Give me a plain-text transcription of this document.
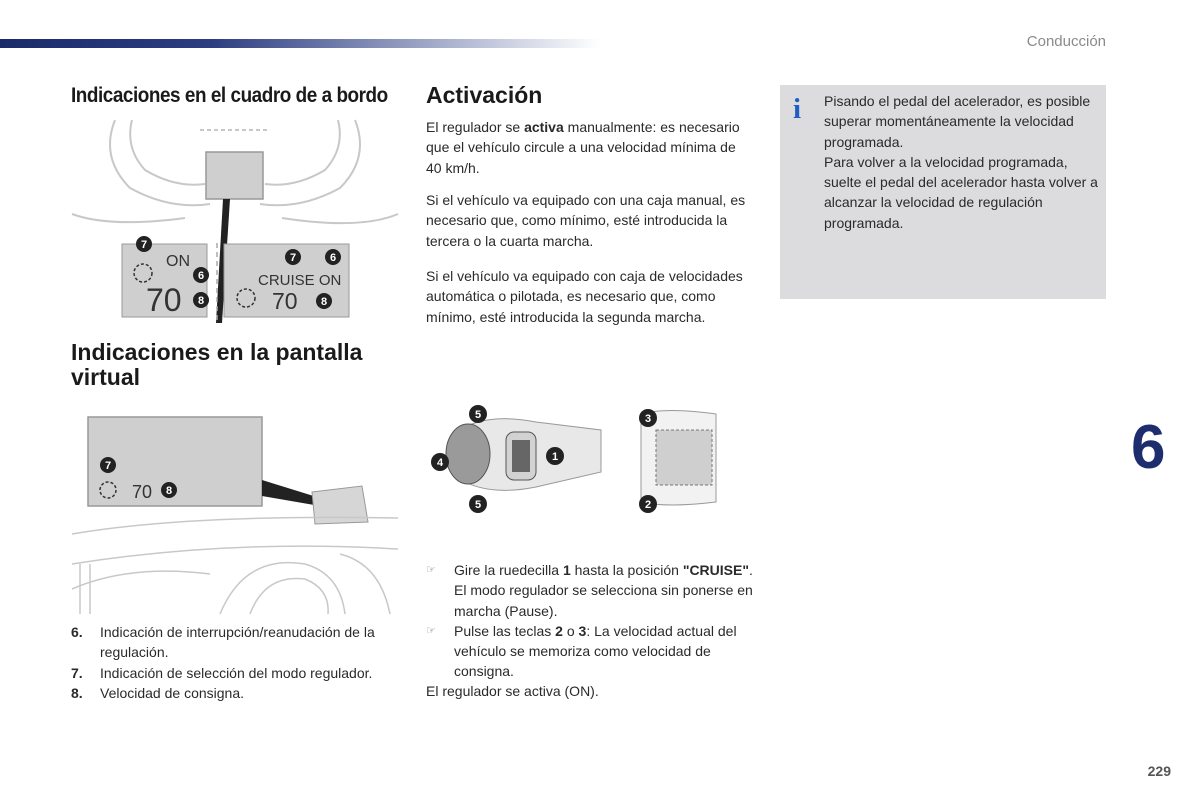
Conducción
6
229
Indicaciones en el cuadro de a bordo
7
ON
6
70 8
7	6
CRUISE ON
70 8
Indicaciones en la pantalla virtual
7
70 8
6. Indicación de interrupción/reanudación de la regulación.
7. Indicación de selección del modo regulador.
8. Velocidad de consigna.
Activación

El regulador se activa manualmente: es necesario que el vehículo circule a una velocidad mínima de 40 km/h.

Si el vehículo va equipado con una caja manual, es necesario que, como mínimo, esté introducida la tercera o la cuarta marcha.

Si el vehículo va equipado con caja de velocidades automática o pilotada, es necesario que, como mínimo, esté introducida la segunda marcha.

1
4
5
5
3
2
☞ Gire la ruedecilla 1 hasta la posición "CRUISE". El modo regulador se selecciona sin ponerse en marcha (Pause).
☞ Pulse las teclas 2 o 3: La velocidad actual del vehículo se memoriza como velocidad de consigna.

El regulador se activa (ON).

i Pisando el pedal del acelerador, es posible superar momentáneamente la velocidad programada.
Para volver a la velocidad programada, suelte el pedal del acelerador hasta volver a alcanzar la velocidad de regulación programada.
